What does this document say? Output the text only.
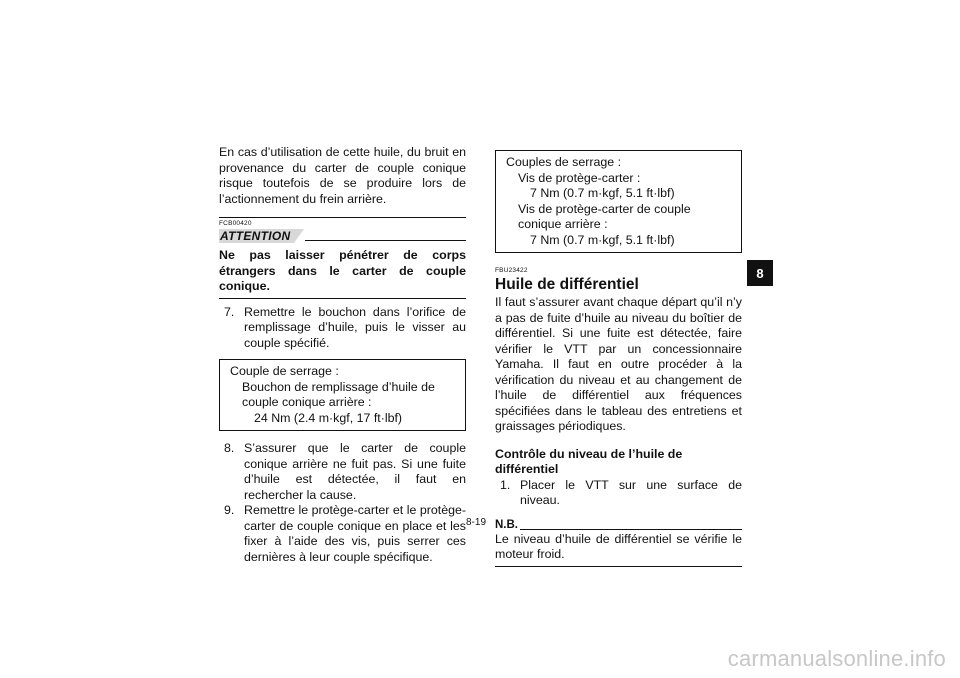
En cas d’utilisation de cette huile, du bruit en provenance du carter de couple conique risque toutefois de se produire lors de l’actionnement du frein arrière.

FCB00420
ATTENTION

Ne pas laisser pénétrer de corps étrangers dans le carter de couple conique.

7. Remettre le bouchon dans l’orifice de remplissage d’huile, puis le visser au couple spécifié.
Couple de serrage :
Bouchon de remplissage d’huile de couple conique arrière :
24 Nm (2.4 m·kgf, 17 ft·lbf)
8. S’assurer que le carter de couple conique arrière ne fuit pas. Si une fuite d’huile est détectée, il faut en rechercher la cause.
9. Remettre le protège-carter et le protège-carter de couple conique en place et les fixer à l’aide des vis, puis serrer ces dernières à leur couple spécifique.
Couples de serrage :
Vis de protège-carter :
7 Nm (0.7 m·kgf, 5.1 ft·lbf)
Vis de protège-carter de couple conique arrière :
7 Nm (0.7 m·kgf, 5.1 ft·lbf)
FBU23422
Huile de différentiel

Il faut s’assurer avant chaque départ qu’il n’y a pas de fuite d’huile au niveau du boîtier de différentiel. Si une fuite est détectée, faire vérifier le VTT par un concessionnaire Yamaha. Il faut en outre procéder à la vérification du niveau et au changement de l’huile de différentiel aux fréquences spécifiées dans le tableau des entretiens et graissages périodiques.

Contrôle du niveau de l’huile de différentiel
1. Placer le VTT sur une surface de niveau.
N.B.

Le niveau d’huile de différentiel se vérifie le moteur froid.

8
8-19
carmanualsonline.info
